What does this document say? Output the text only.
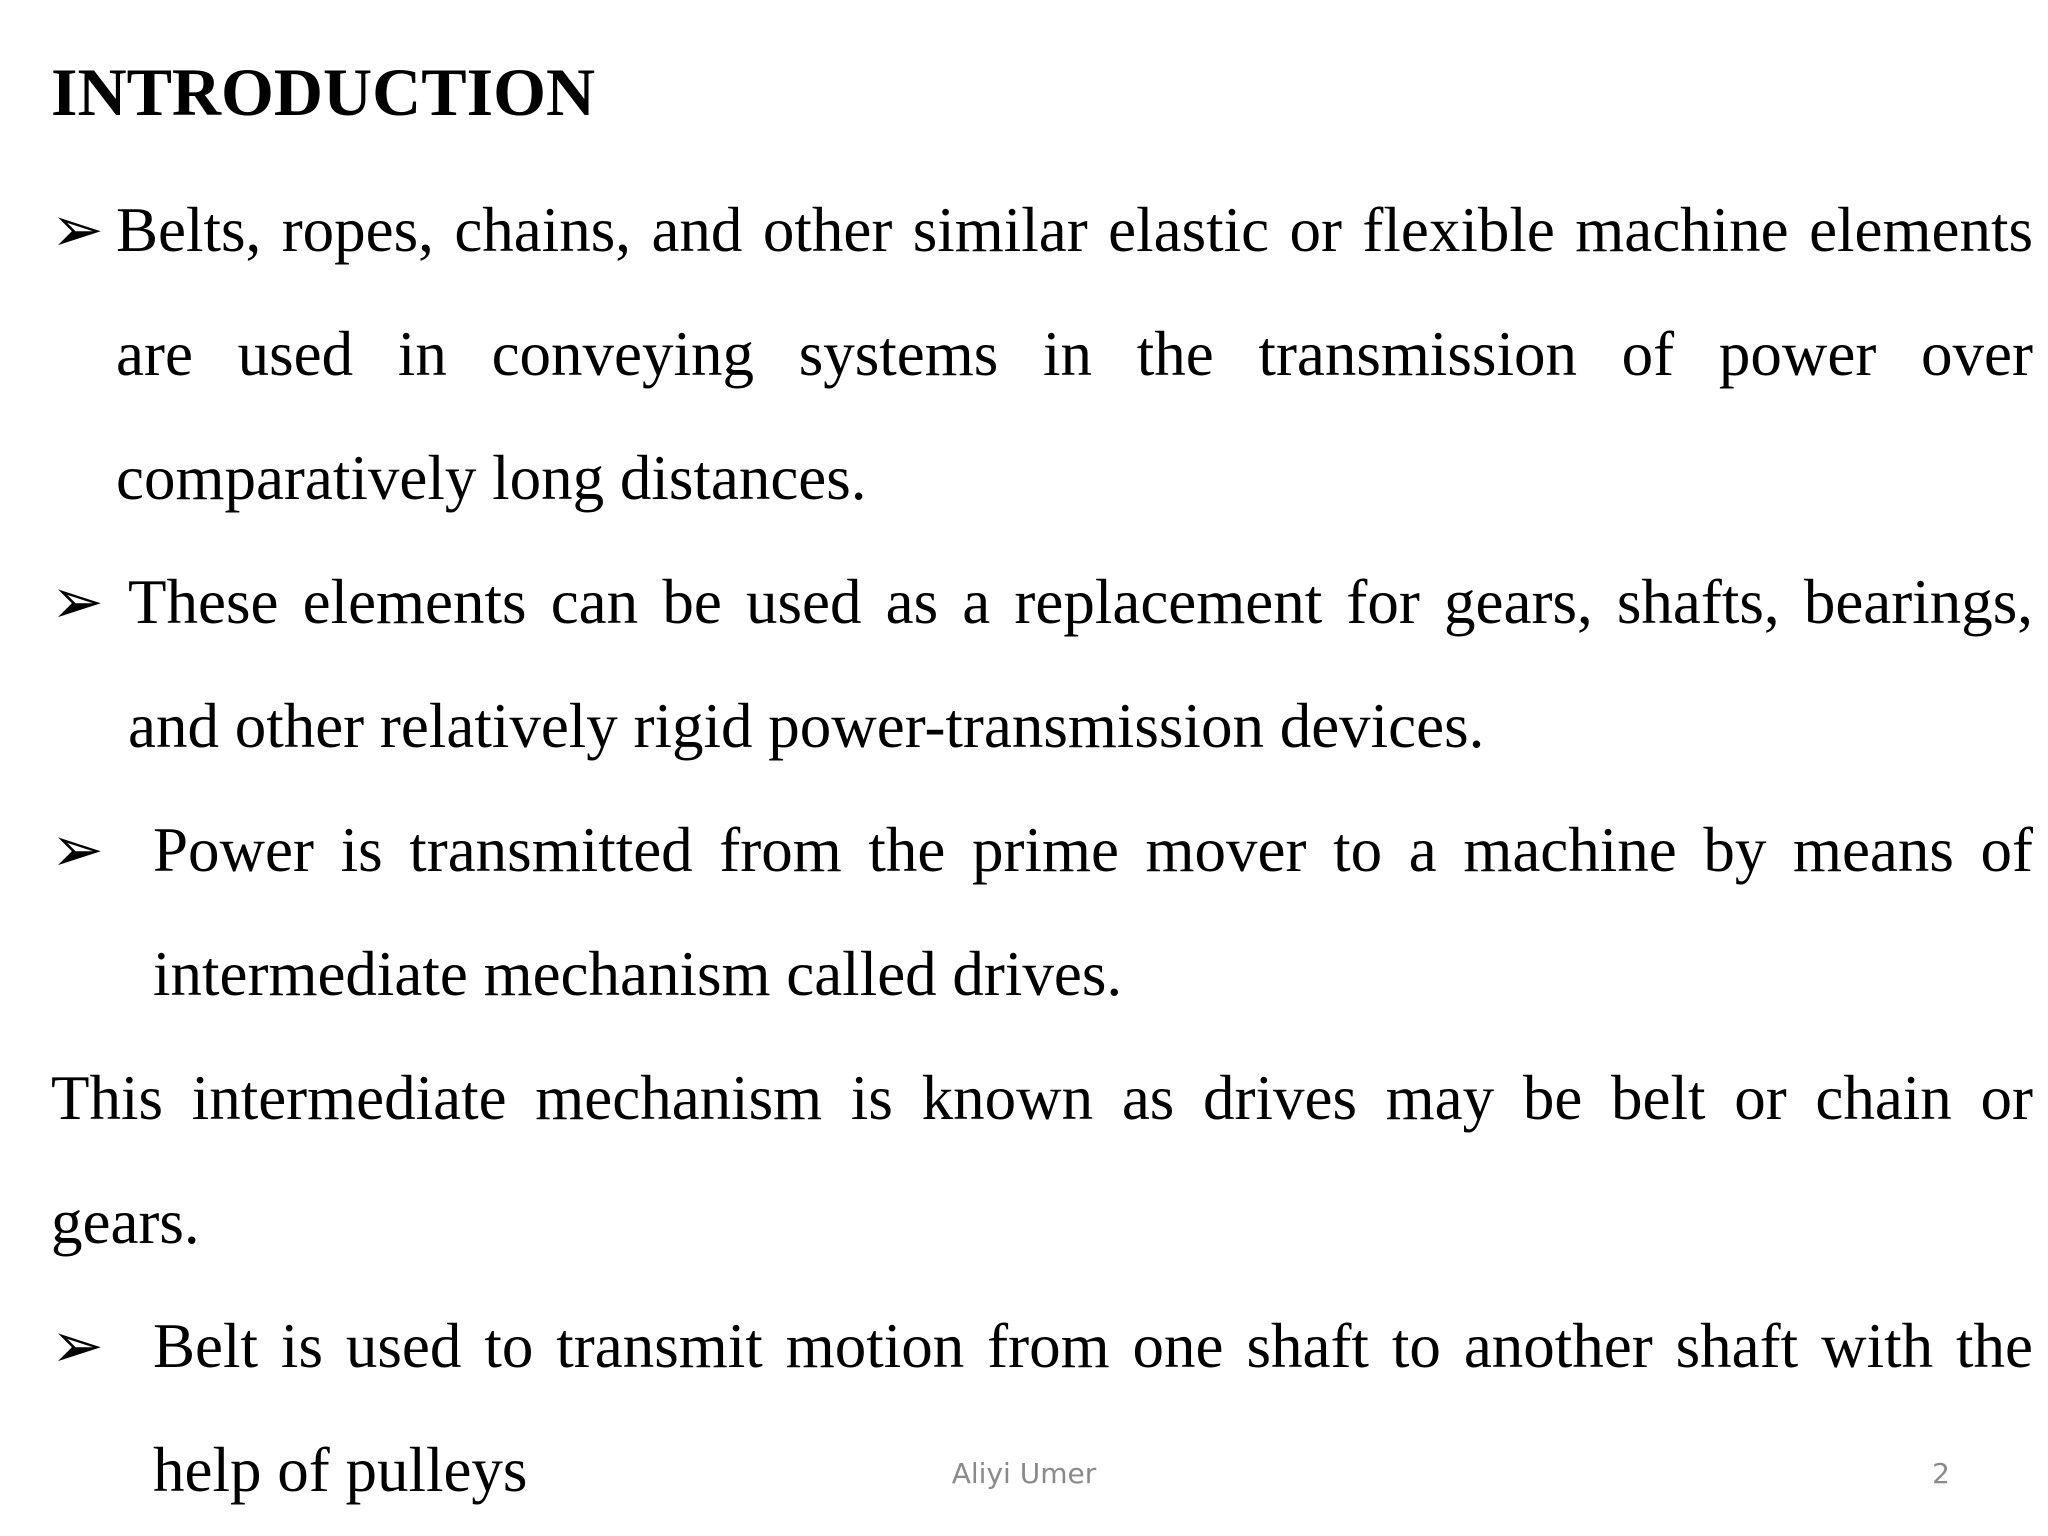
INTRODUCTION
➢ Belts, ropes, chains, and other similar elastic or flexible machine elements are used in conveying systems in the transmission of power over comparatively long distances.
➢ These elements can be used as a replacement for gears, shafts, bearings, and other relatively rigid power-transmission devices.
➢ Power is transmitted from the prime mover to a machine by means of intermediate mechanism called drives.
This intermediate mechanism is known as drives may be belt or chain or gears.
➢ Belt is used to transmit motion from one shaft to another shaft with the help of pulleys	Aliyi Umer	2
